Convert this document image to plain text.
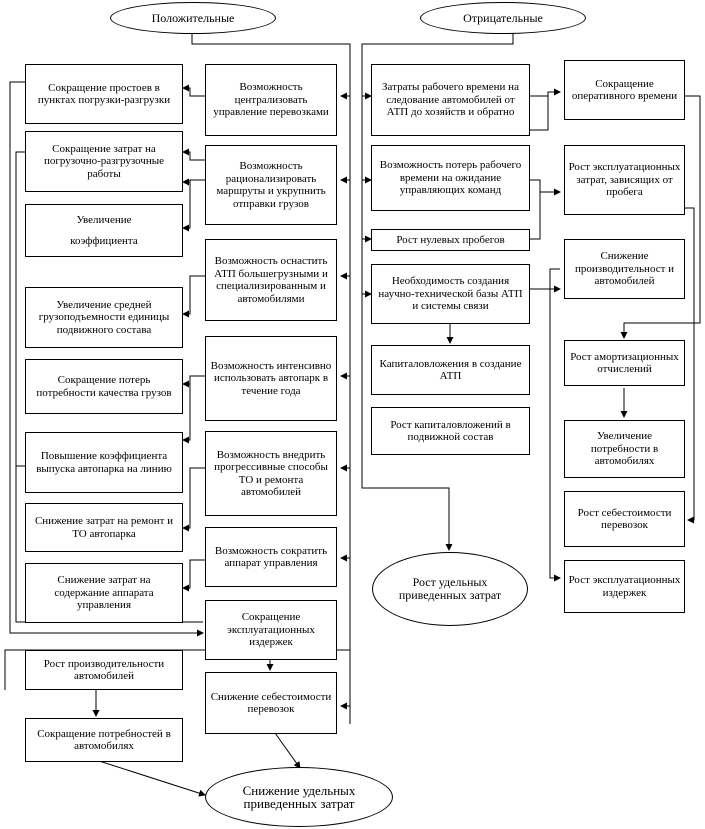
Положительные	Отрицательные
Возможность централизовать управление перевозками
Возможность рационализировать маршруты и укрупнить отправки грузов
Возможность оснастить АТП большегрузными и специализированным и автомобилями
Возможность интенсивно использовать автопарк в течение года
Возможность внедрить прогрессивные способы ТО и ремонта автомобилей
Возможность сократить аппарат управления
Сокращение эксплуатационных издержек
Снижение себестоимости перевозок
Сокращение простоев в пунктах погрузки-разгрузки
Сокращение затрат на погрузочно-разгрузочные работы
Увеличение
коэффициента
Увеличение средней грузоподъемности единицы подвижного состава
Сокращение потерь потребности качества грузов
Повышение коэффициента выпуска автопарка на линию
Снижение затрат на ремонт и ТО автопарка
Снижение затрат на содержание аппарата управления
Рост производительности автомобилей
Сокращение потребностей в автомобилях
Снижение удельных приведенных затрат
Затраты рабочего времени на следование автомобилей от АТП до хозяйств и обратно
Возможность потерь рабочего времени на ожидание управляющих команд
Рост нулевых пробегов
Необходимость создания научно-технической базы АТП и системы связи
Капиталовложения в создание АТП
Рост капиталовложений в подвижной состав
Рост удельных приведенных затрат
Сокращение оперативного времени
Рост эксплуатационных затрат, зависящих от пробега
Снижение производительност и автомобилей
Рост амортизационных отчислений
Увеличение потребности в автомобилях
Рост себестоимости перевозок
Рост эксплуатационных издержек
